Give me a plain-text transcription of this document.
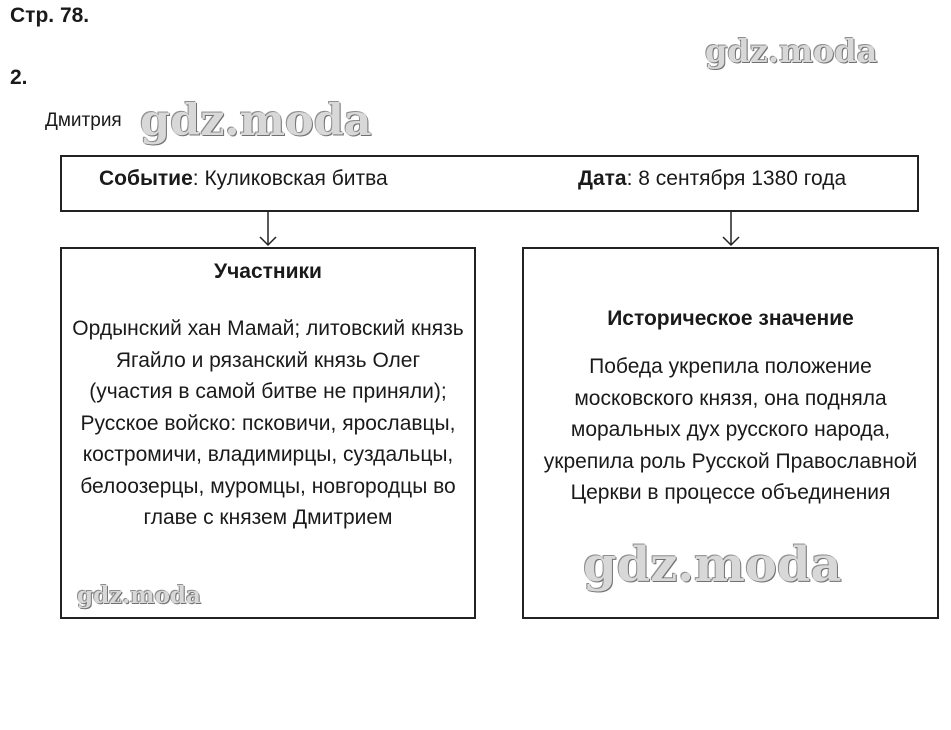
Стр. 78.
2.
Дмитрия
Событие: Куликовская битва	Дата: 8 сентября 1380 года
Участники
Ордынский хан Мамай; литовский князь Ягайло и рязанский князь Олег (участия в самой битве не приняли); Русское войско: псковичи, ярославцы, костромичи, владимирцы, суздальцы, белоозерцы, муромцы, новгородцы во главе с князем Дмитрием
Историческое значение
Победа укрепила положение московского князя, она подняла моральных дух русского народа, укрепила роль Русской Православной Церкви в процессе объединения
gdz.moda
gdz.moda
gdz.moda
gdz.moda
